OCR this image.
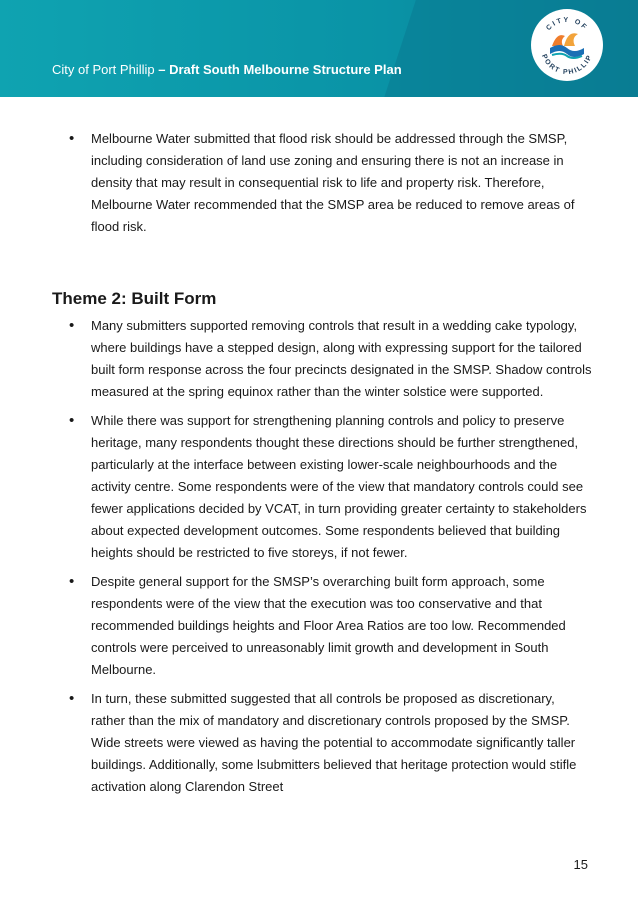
City of Port Phillip – Draft South Melbourne Structure Plan
CITY OF
PORT PHILLIP
• Melbourne Water submitted that flood risk should be addressed through the SMSP, including consideration of land use zoning and ensuring there is not an increase in density that may result in consequential risk to life and property risk. Therefore, Melbourne Water recommended that the SMSP area be reduced to remove areas of flood risk.
Theme 2: Built Form
• Many submitters supported removing controls that result in a wedding cake typology, where buildings have a stepped design, along with expressing support for the tailored built form response across the four precincts designated in the SMSP. Shadow controls measured at the spring equinox rather than the winter solstice were supported.
• While there was support for strengthening planning controls and policy to preserve heritage, many respondents thought these directions should be further strengthened, particularly at the interface between existing lower-scale neighbourhoods and the activity centre. Some respondents were of the view that mandatory controls could see fewer applications decided by VCAT, in turn providing greater certainty to stakeholders about expected development outcomes. Some respondents believed that building heights should be restricted to five storeys, if not fewer.
• Despite general support for the SMSP’s overarching built form approach, some respondents were of the view that the execution was too conservative and that recommended buildings heights and Floor Area Ratios are too low. Recommended controls were perceived to unreasonably limit growth and development in South Melbourne.
• In turn, these submitted suggested that all controls be proposed as discretionary, rather than the mix of mandatory and discretionary controls proposed by the SMSP. Wide streets were viewed as having the potential to accommodate significantly taller buildings. Additionally, some lsubmitters believed that heritage protection would stifle activation along Clarendon Street
15
